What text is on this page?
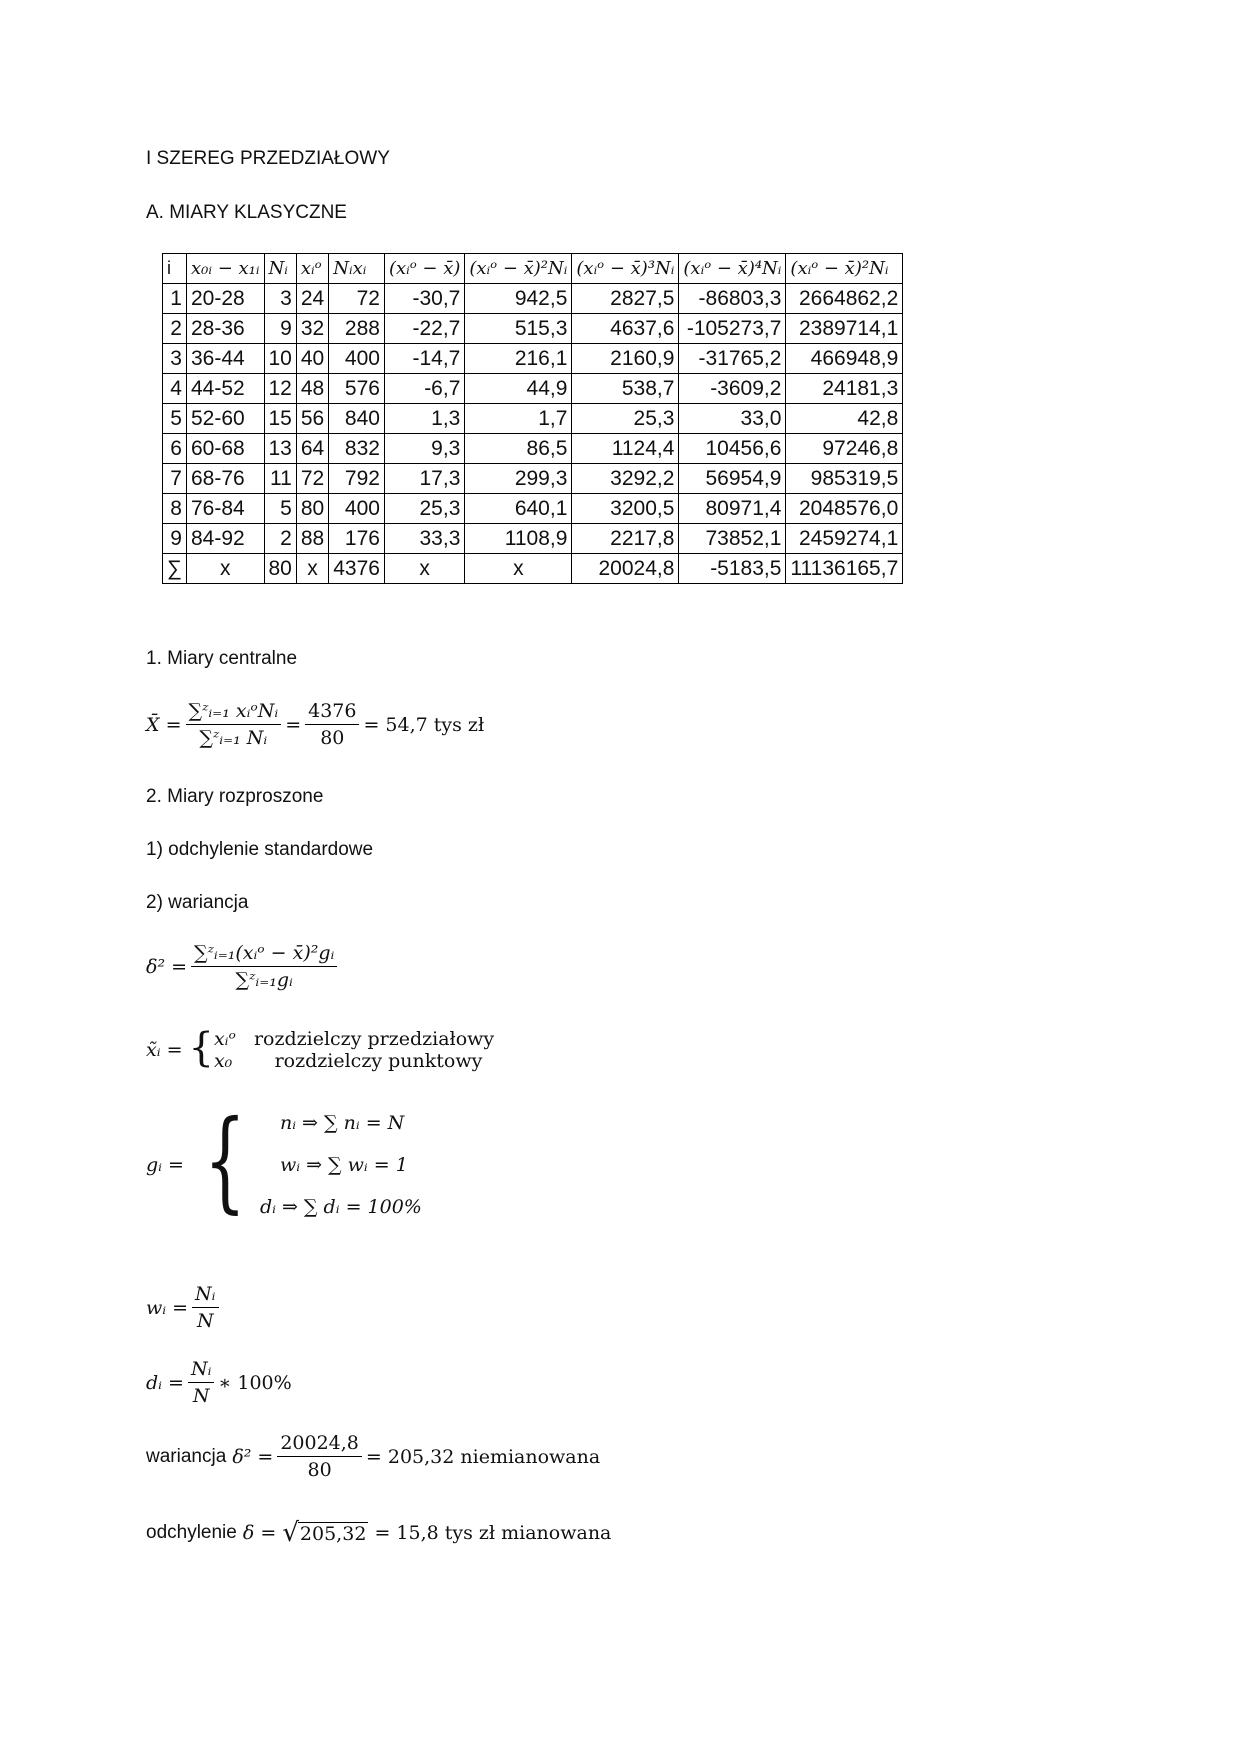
I SZEREG PRZEDZIAŁOWY
A. MIARY KLASYCZNE
i	x₀ᵢ − x₁ᵢ	Nᵢ	xᵢᵒ	Nᵢxᵢ	(xᵢᵒ − x̄)	(xᵢᵒ − x̄)²Nᵢ	(xᵢᵒ − x̄)³Nᵢ	(xᵢᵒ − x̄)⁴Nᵢ	(xᵢᵒ − x̄)²Nᵢ
1	20-28	3	24	72	-30,7	942,5	2827,5	-86803,3	2664862,2
2	28-36	9	32	288	-22,7	515,3	4637,6	-105273,7	2389714,1
3	36-44	10	40	400	-14,7	216,1	2160,9	-31765,2	466948,9
4	44-52	12	48	576	-6,7	44,9	538,7	-3609,2	24181,3
5	52-60	15	56	840	1,3	1,7	25,3	33,0	42,8
6	60-68	13	64	832	9,3	86,5	1124,4	10456,6	97246,8
7	68-76	11	72	792	17,3	299,3	3292,2	56954,9	985319,5
8	76-84	5	80	400	25,3	640,1	3200,5	80971,4	2048576,0
9	84-92	2	88	176	33,3	1108,9	2217,8	73852,1	2459274,1
∑	x	80	x	4376	x	x	20024,8	-5183,5	11136165,7
1. Miary centralne
X̄ = $\frac{\text{∑ᶻᵢ₌₁ xᵢᵒNᵢ}}{\text{∑ᶻᵢ₌₁ Nᵢ}} = \frac{4376}{80} = 54,7$ tys zł
2. Miary rozproszone
1) odchylenie standardowe
2) wariancja
$\delta^2 = \frac{\text{∑ᶻᵢ₌₁(xᵢᵒ − x̄)²gᵢ}}{\text{∑ᶻᵢ₌₁gᵢ}}$
x̃ᵢ = { xᵢᵒ rozdzielczy przedziałowy
x₀ rozdzielczy punktowy
gᵢ = {	nᵢ ⇒ ∑ nᵢ = N
wᵢ ⇒ ∑ wᵢ = 1
dᵢ ⇒ ∑ dᵢ = 100%
wᵢ = $\frac{\text{Nᵢ}}{N}$
dᵢ = $\frac{\text{Nᵢ}}{N}$ ∗ 100%
wariancja
$\delta^2 = \frac{20024,8}{80} = 205,32$ niemianowana
odchylenie
δ =
√ 205,32
= 15,8 tys zł mianowana
